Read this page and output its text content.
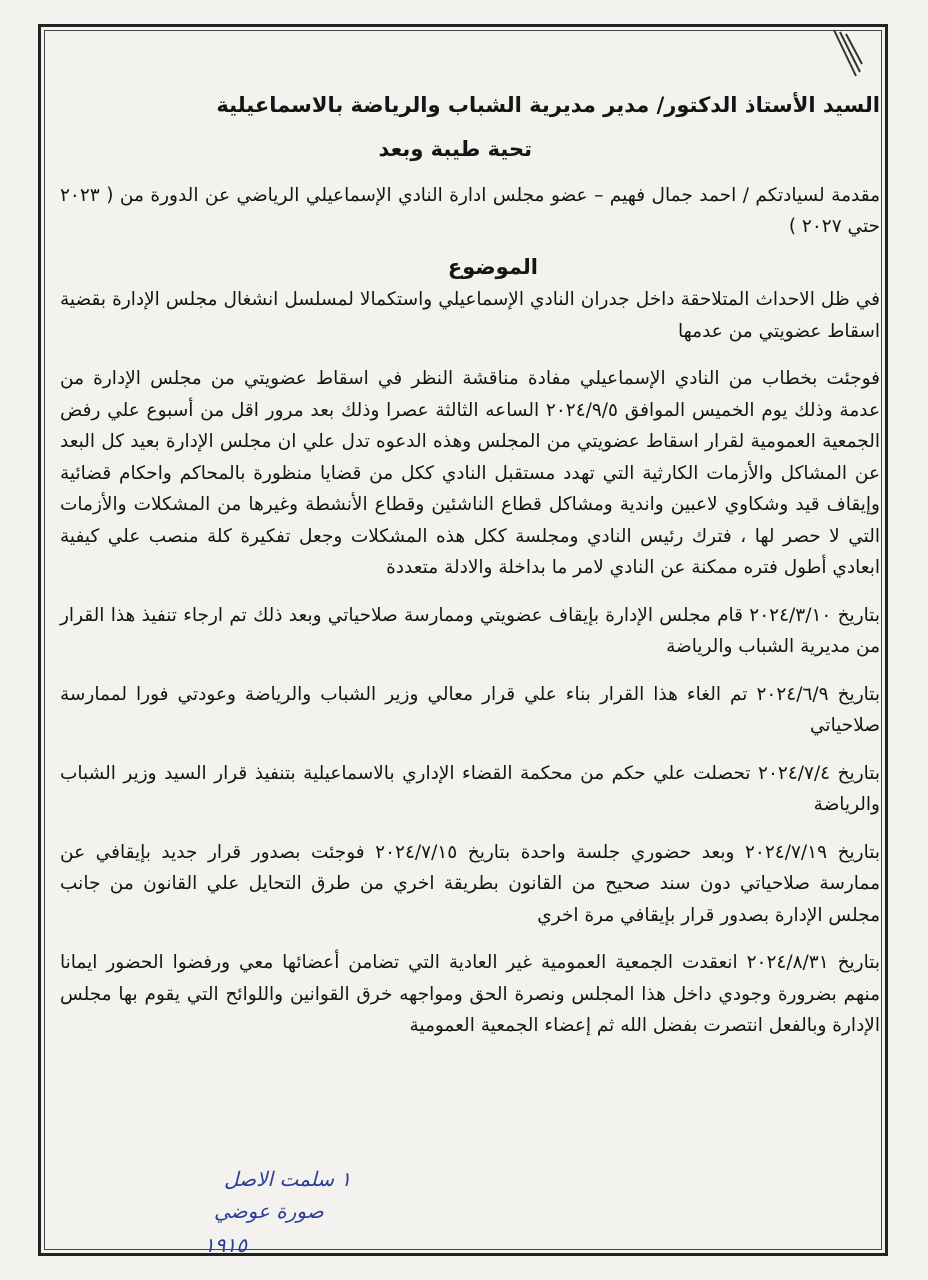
السيد الأستاذ الدكتور/ مدير مديرية الشباب والرياضة بالاسماعيلية

تحية طيبة وبعد

مقدمة لسيادتكم / احمد جمال فهيم – عضو مجلس ادارة النادي الإسماعيلي الرياضي عن الدورة من ( ٢٠٢٣ حتي ٢٠٢٧ )

الموضوع

في ظل الاحداث المتلاحقة داخل جدران النادي الإسماعيلي واستكمالا لمسلسل انشغال مجلس الإدارة بقضية اسقاط عضويتي من عدمها

فوجئت بخطاب من النادي الإسماعيلي مفادة مناقشة النظر في اسقاط عضويتي من مجلس الإدارة من عدمة وذلك يوم الخميس الموافق ٢٠٢٤/٩/٥ الساعه الثالثة عصرا وذلك بعد مرور اقل من أسبوع علي رفض الجمعية العمومية لقرار اسقاط عضويتي من المجلس وهذه الدعوه تدل علي ان مجلس الإدارة بعيد كل البعد عن المشاكل والأزمات الكارثية التي تهدد مستقبل النادي ككل من قضايا منظورة بالمحاكم واحكام قضائية وإيقاف قيد وشكاوي لاعبين واندية ومشاكل قطاع الناشئين وقطاع الأنشطة وغيرها من المشكلات والأزمات التي لا حصر لها ، فترك رئيس النادي ومجلسة ككل هذه المشكلات وجعل تفكيرة كلة منصب علي كيفية ابعادي أطول فتره ممكنة عن النادي لامر ما بداخلة والادلة متعددة

بتاريخ ٢٠٢٤/٣/١٠ قام مجلس الإدارة بإيقاف عضويتي وممارسة صلاحياتي وبعد ذلك تم ارجاء تنفيذ هذا القرار من مديرية الشباب والرياضة

بتاريخ ٢٠٢٤/٦/٩ تم الغاء هذا القرار بناء علي قرار معالي وزير الشباب والرياضة وعودتي فورا لممارسة صلاحياتي

بتاريخ ٢٠٢٤/٧/٤ تحصلت علي حكم من محكمة القضاء الإداري بالاسماعيلية بتنفيذ قرار السيد وزير الشباب والرياضة

بتاريخ ٢٠٢٤/٧/١٩ وبعد حضوري جلسة واحدة بتاريخ ٢٠٢٤/٧/١٥ فوجئت بصدور قرار جديد بإيقافي عن ممارسة صلاحياتي دون سند صحيح من القانون بطريقة اخري من طرق التحايل علي القانون من جانب مجلس الإدارة بصدور قرار بإيقافي مرة اخري

بتاريخ ٢٠٢٤/٨/٣١ انعقدت الجمعية العمومية غير العادية التي تضامن أعضائها معي ورفضوا الحضور ايمانا منهم بضرورة وجودي داخل هذا المجلس ونصرة الحق ومواجهه خرق القوانين واللوائح التي يقوم بها مجلس الإدارة وبالفعل انتصرت بفضل الله ثم إعضاء الجمعية العمومية

١ سلمت الاصل
صورة عوضي
١٩١٥
